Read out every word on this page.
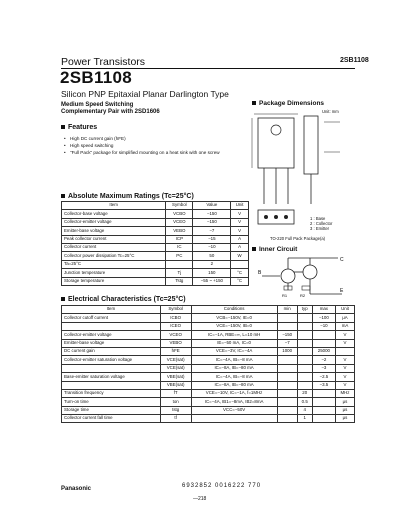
Power Transistors	2SB1108
2SB1108
Silicon PNP Epitaxial Planar Darlington Type
Medium Speed Switching
Complementary Pair with 2SD1606
Features
• High DC current gain (hFE)
• High speed switching
• "Full Pack" package for simplified mounting on a heat sink with one screw
Package Dimensions
Unit: mm
1 : Base
2 : Collector
3 : Emitter
TO-220 Full Pack Package(a)
Inner Circuit
B
C
E
R1	R2
Absolute Maximum Ratings (Tc=25°C)
Item	Symbol	Value	Unit
Collector-base voltage	VCBO	−150	V
Collector-emitter voltage	VCEO	−150	V
Emitter-base voltage	VEBO	−7	V
Peak collector current	ICP	−15	A
Collector current	IC	−10	A
Collector power dissipation Tc=25°C	PC	50	W
Ta=25°C		2	
Junction temperature	Tj	150	°C
Storage temperature	Tstg	−55 ~ +150	°C
Electrical Characteristics (Tc=25°C)
Item	Symbol	Conditions	min	typ	max	Unit
Collector cutoff current	ICBO	VCB=−150V, IE=0			−100	μA
	ICEO	VCE=−150V, IB=0			−10	mA
Collector-emitter voltage	VCEO	IC=−1A, RBE=∞, L=10 mH	−150			V
Emitter-base voltage	VEBO	IE=−50 mA, IC=0	−7			V
DC current gain	hFE	VCE=−3V, IC=−4A	1000		25000	
Collector-emitter saturation voltage	VCE(sat)	IC=−4A, IB=−8 mA			−2	V
	VCE(sat)	IC=−8A, IB=−80 mA			−3	V
Base-emitter saturation voltage	VBE(sat)	IC=−4A, IB=−8 mA			−2.5	V
	VBE(sat)	IC=−8A, IB=−80 mA			−3.5	V
Transition frequency	fT	VCE=−10V, IC=−1A, f=1MHz		20		MHz
Turn-on time	ton	IC=−4A, IB1=−8mA, IB2=8mA		0.5		μs
Storage time	tstg	VCC=−50V		4		μs
Collector current fall time	tf			1		μs
Panasonic	6932852 0016222 770
—218
